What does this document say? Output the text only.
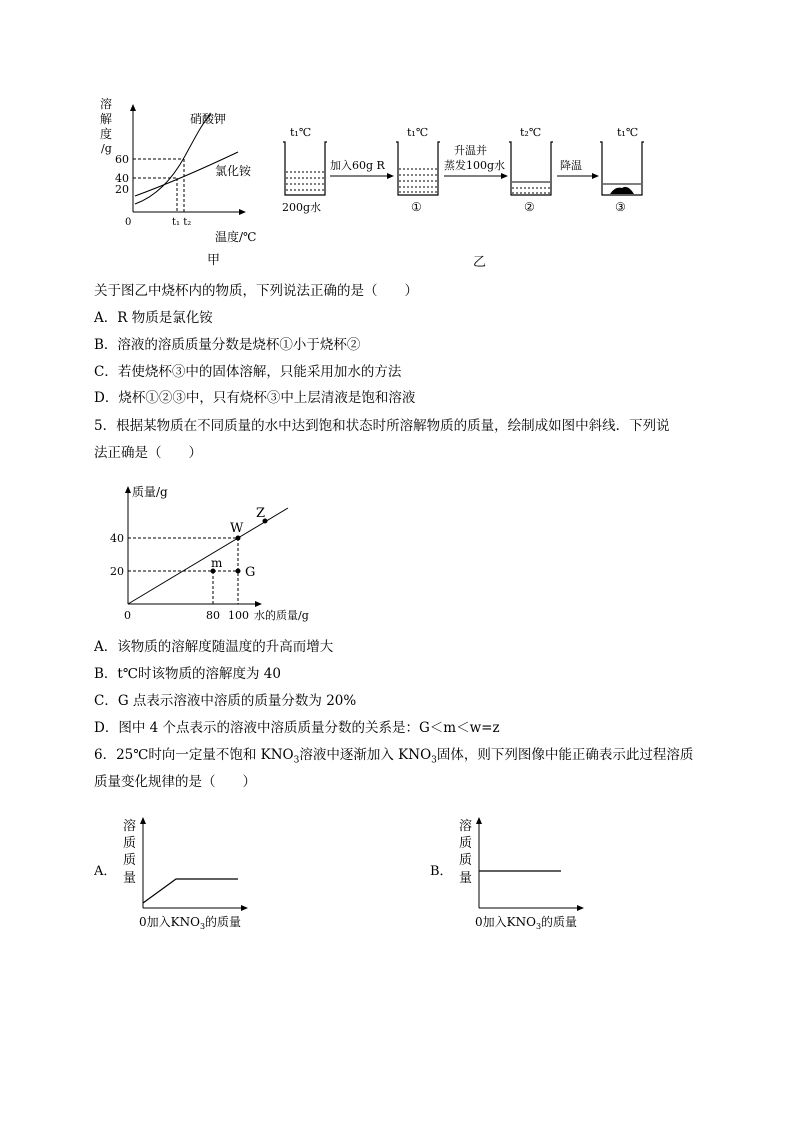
溶
解
度
/g
60
40
20
0
硝酸钾
氯化铵
t₁ t₂
温度/℃
甲
t₁℃
200g水
加入60g R
t₁℃
①
升温并
蒸发100g水
t₂℃
②
降温
t₁℃
③
乙
关于图乙中烧杯内的物质，下列说法正确的是（　　）
A．R 物质是氯化铵
B．溶液的溶质质量分数是烧杯①小于烧杯②
C．若使烧杯③中的固体溶解，只能采用加水的方法
D．烧杯①②③中，只有烧杯③中上层清液是饱和溶液
5．根据某物质在不同质量的水中达到饱和状态时所溶解物质的质量，绘制成如图中斜线．下列说
法正确是（　　）
质量/g
W
Z
m
G
40
20
0	80 100 水的质量/g
A．该物质的溶解度随温度的升高而增大
B．t℃时该物质的溶解度为 40
C．G 点表示溶液中溶质的质量分数为 20%
D．图中 4 个点表示的溶液中溶质质量分数的关系是：G＜m＜w=z
6．25℃时向一定量不饱和 $KNO_3$溶液中逐渐加入 $KNO_3$固体，则下列图像中能正确表示此过程溶质
质量变化规律的是（　　）
A．
溶
质
质
量
0加入$KNO_3$的质量
B．
溶
质
质
量
0加入$KNO_3$的质量
